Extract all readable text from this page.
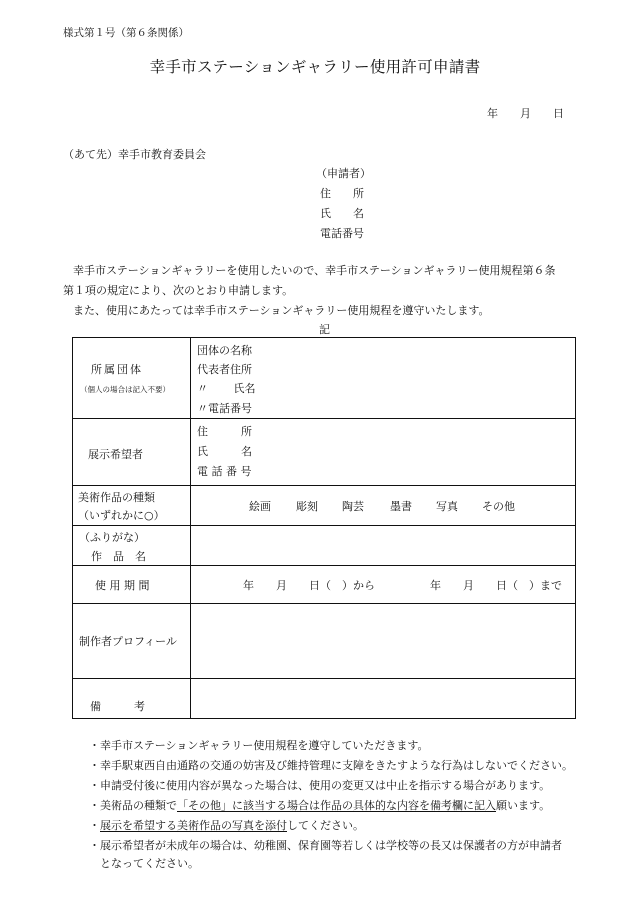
様式第１号（第６条関係）
幸手市ステーションギャラリー使用許可申請書
年 月 日
（あて先）幸手市教育委員会
（申請者）
住　　所
氏　　名
電話番号
幸手市ステーションギャラリーを使用したいので、幸手市ステーションギャラリー使用規程第６条
第１項の規定により、次のとおり申請します。
また、使用にあたっては幸手市ステーションギャラリー使用規程を遵守いたします。
記
所属団体
（個人の場合は記入不要）
団体の名称
代表者住所
〃　　 氏名
〃電話番号
展示希望者
住　　　所
氏　　　名
電 話 番 号
美術作品の種類
（いずれかに○）
絵画 彫刻 陶芸 墨書 写真 その他
（ふりがな）
作　品　名
使 用 期 間	年　　月　　日（　）から　　　　　年　　月　　日（　）まで
制作者プロフィール
備　　　考
・幸手市ステーションギャラリー使用規程を遵守していただきます。
・幸手駅東西自由通路の交通の妨害及び維持管理に支障をきたすような行為はしないでください。
・申請受付後に使用内容が異なった場合は、使用の変更又は中止を指示する場合があります。
・美術品の種類で「その他」に該当する場合は作品の具体的な内容を備考欄に記入願います。
・展示を希望する美術作品の写真を添付してください。
・展示希望者が未成年の場合は、幼稚園、保育園等若しくは学校等の長又は保護者の方が申請者
となってください。
